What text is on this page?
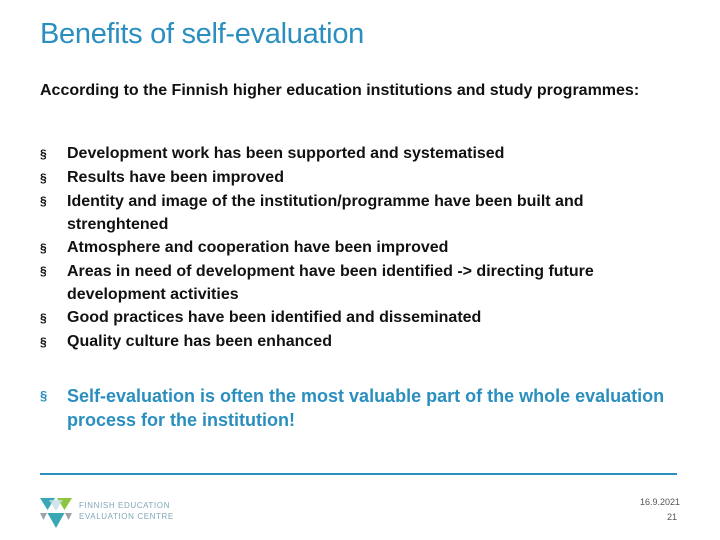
Benefits of self-evaluation
According to the Finnish higher education institutions and study programmes:
§ Development work has been supported and systematised
§ Results have been improved
§ Identity and image of the institution/programme have been built and strenghtened
§ Atmosphere and cooperation have been improved
§ Areas in need of development have been identified -> directing future development activities
§ Good practices have been identified and disseminated
§ Quality culture has been enhanced
§ Self-evaluation is often the most valuable part of the whole evaluation process for the institution!
FINNISH EDUCATION
EVALUATION CENTRE
16.9.2021
21
